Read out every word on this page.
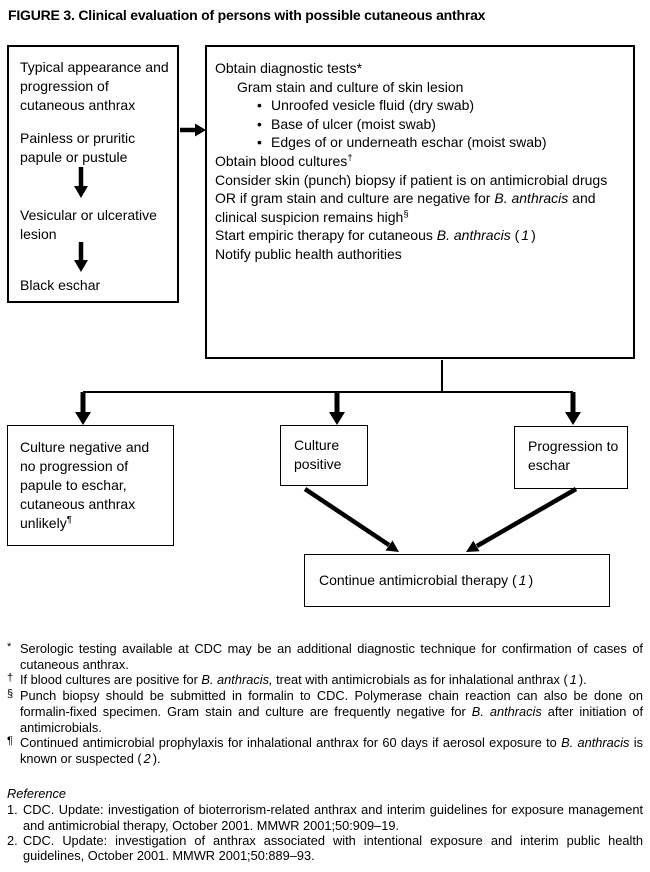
FIGURE 3. Clinical evaluation of persons with possible cutaneous anthrax

Typical appearance and progression of cutaneous anthrax

Painless or pruritic papule or pustule

Vesicular or ulcerative lesion

Black eschar

Obtain diagnostic tests*

Gram stain and culture of skin lesion

• Unroofed vesicle fluid (dry swab)

• Base of ulcer (moist swab)

• Edges of or underneath eschar (moist swab)

Obtain blood cultures†

Consider skin (punch) biopsy if patient is on antimicrobial drugs OR if gram stain and culture are negative for B. anthracis and clinical suspicion remains high§

Start empiric therapy for cutaneous B. anthracis ( 1 )

Notify public health authorities

Culture negative and no progression of papule to eschar, cutaneous anthrax unlikely¶

Culture positive

Progression to eschar

Continue antimicrobial therapy ( 1 )

* Serologic testing available at CDC may be an additional diagnostic technique for confirmation of cases of cutaneous anthrax.
† If blood cultures are positive for B. anthracis, treat with antimicrobials as for inhalational anthrax ( 1 ).
§ Punch biopsy should be submitted in formalin to CDC. Polymerase chain reaction can also be done on formalin-fixed specimen. Gram stain and culture are frequently negative for B. anthracis after initiation of antimicrobials.
¶ Continued antimicrobial prophylaxis for inhalational anthrax for 60 days if aerosol exposure to B. anthracis is known or suspected ( 2 ).

Reference

1. CDC. Update: investigation of bioterrorism-related anthrax and interim guidelines for exposure management and antimicrobial therapy, October 2001. MMWR 2001;50:909–19.
2. CDC. Update: investigation of anthrax associated with intentional exposure and interim public health guidelines, October 2001. MMWR 2001;50:889–93.
